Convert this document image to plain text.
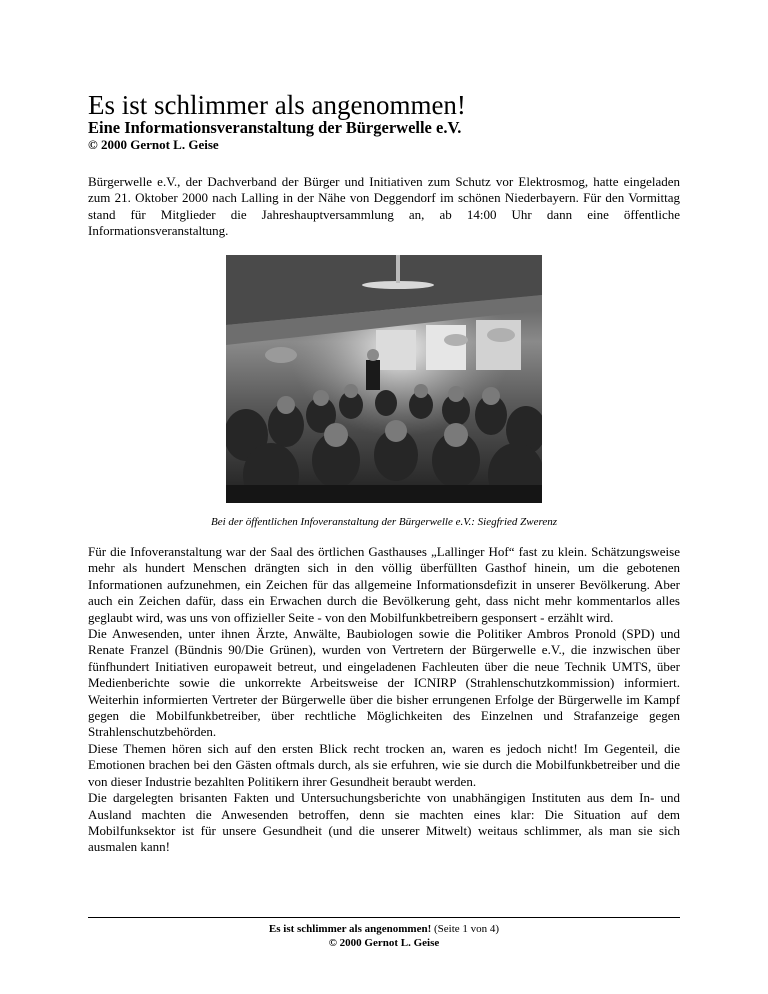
Es ist schlimmer als angenommen!
Eine Informationsveranstaltung der Bürgerwelle e.V.
© 2000 Gernot L. Geise

Bürgerwelle e.V., der Dachverband der Bürger und Initiativen zum Schutz vor Elektrosmog, hatte eingeladen zum 21. Oktober 2000 nach Lalling in der Nähe von Deggendorf im schönen Niederbayern. Für den Vormittag stand für Mitglieder die Jahreshauptversammlung an, ab 14:00 Uhr dann eine öffentliche Informationsveranstaltung.

Bei der öffentlichen Infoveranstaltung der Bürgerwelle e.V.: Siegfried Zwerenz

Für die Infoveranstaltung war der Saal des örtlichen Gasthauses „Lallinger Hof“ fast zu klein. Schätzungsweise mehr als hundert Menschen drängten sich in den völlig überfüllten Gasthof hinein, um die gebotenen Informationen aufzunehmen, ein Zeichen für das allgemeine Informationsdefizit in unserer Bevölkerung. Aber auch ein Zeichen dafür, dass ein Erwachen durch die Bevölkerung geht, dass nicht mehr kommentarlos alles geglaubt wird, was uns von offizieller Seite - von den Mobilfunkbetreibern gesponsert - erzählt wird.

Die Anwesenden, unter ihnen Ärzte, Anwälte, Baubiologen sowie die Politiker Ambros Pronold (SPD) und Renate Franzel (Bündnis 90/Die Grünen), wurden von Vertretern der Bürgerwelle e.V., die inzwischen über fünfhundert Initiativen europaweit betreut, und eingeladenen Fachleuten über die neue Technik UMTS, über Medienberichte sowie die unkorrekte Arbeitsweise der ICNIRP (Strahlenschutzkommission) informiert. Weiterhin informierten Vertreter der Bürgerwelle über die bisher errungenen Erfolge der Bürgerwelle im Kampf gegen die Mobilfunkbetreiber, über rechtliche Möglichkeiten des Einzelnen und Strafanzeige gegen Strahlenschutzbehörden.

Diese Themen hören sich auf den ersten Blick recht trocken an, waren es jedoch nicht! Im Gegenteil, die Emotionen brachen bei den Gästen oftmals durch, als sie erfuhren, wie sie durch die Mobilfunkbetreiber und die von dieser Industrie bezahlten Politikern ihrer Gesundheit beraubt werden.

Die dargelegten brisanten Fakten und Untersuchungsberichte von unabhängigen Instituten aus dem In- und Ausland machten die Anwesenden betroffen, denn sie machten eines klar: Die Situation auf dem Mobilfunksektor ist für unsere Gesundheit (und die unserer Mitwelt) weitaus schlimmer, als man sie sich ausmalen kann!

Es ist schlimmer als angenommen! (Seite 1 von 4)
© 2000 Gernot L. Geise
